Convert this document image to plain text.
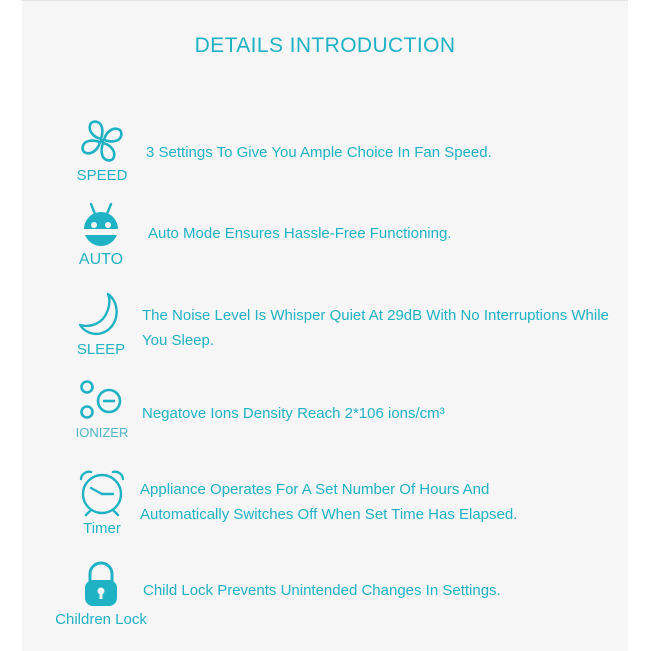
DETAILS INTRODUCTION
SPEED
3 Settings To Give You Ample Choice In Fan Speed.
AUTO
Auto Mode Ensures Hassle-Free Functioning.
SLEEP
The Noise Level Is Whisper Quiet At 29dB With No Interruptions While You Sleep.
IONIZER
Negatove Ions Density Reach 2*106 ions/cm³
Timer
Appliance Operates For A Set Number Of Hours And Automatically Switches Off When Set Time Has Elapsed.
Children Lock
Child Lock Prevents Unintended Changes In Settings.
